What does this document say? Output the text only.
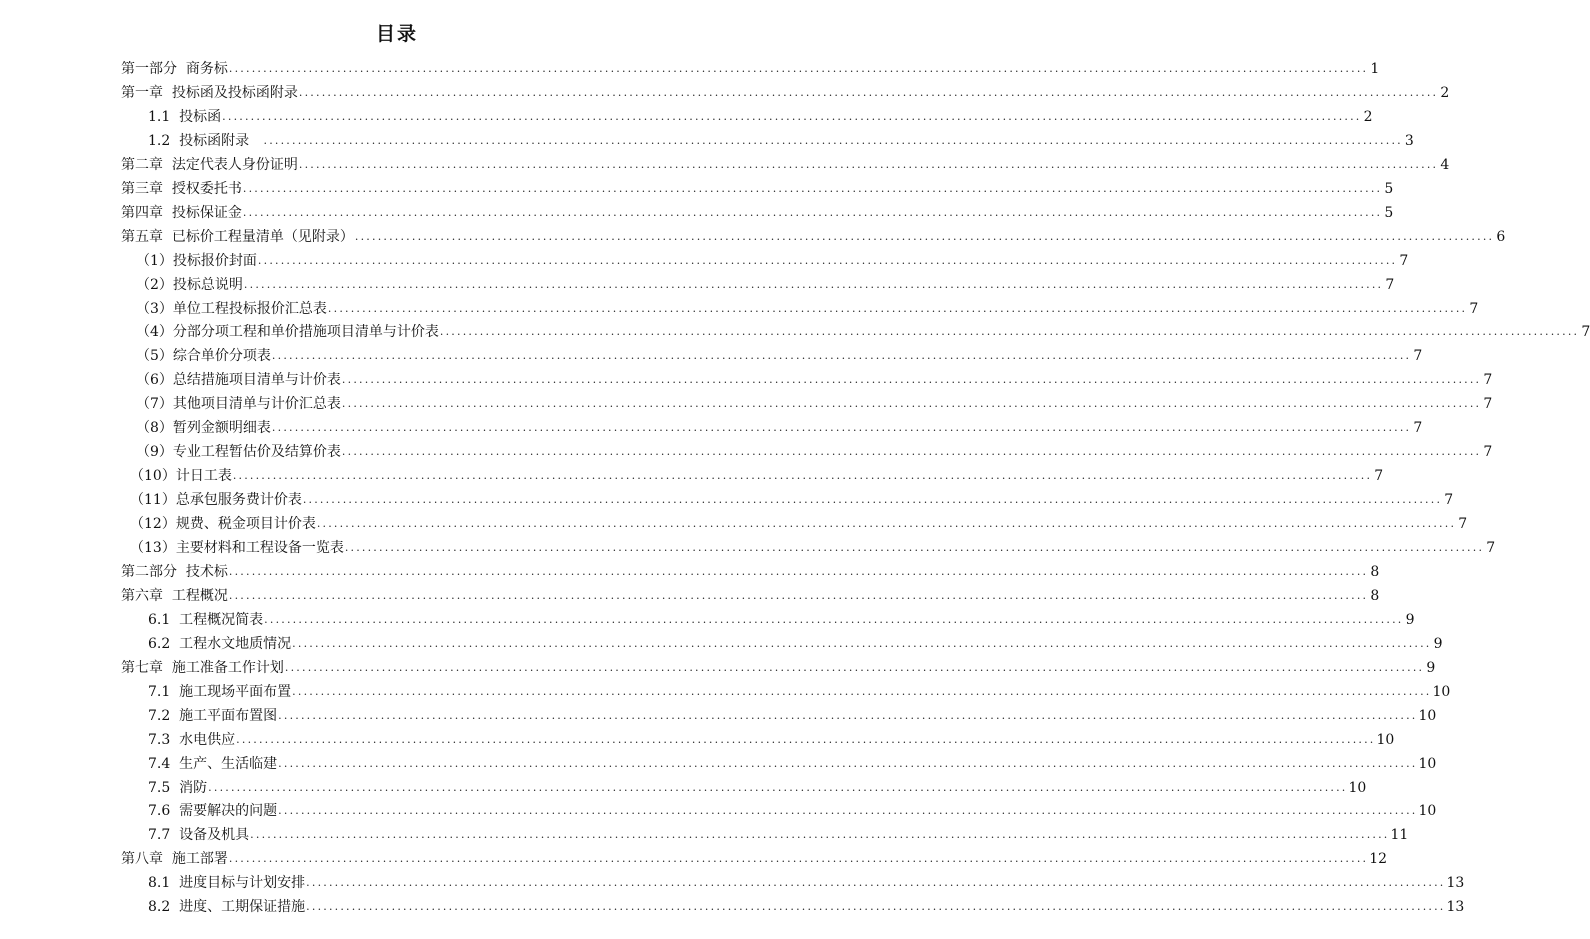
目录
第一部分  商务标 ........................................................................................................................................................................................................ 1
第一章  投标函及投标函附录 ........................................................................................................................................................................................................ 2
1.1  投标函 ........................................................................................................................................................................................................ 2
1.2  投标函附录 ........................................................................................................................................................................................................ 3
第二章  法定代表人身份证明 ........................................................................................................................................................................................................ 4
第三章  授权委托书 ........................................................................................................................................................................................................ 5
第四章  投标保证金 ........................................................................................................................................................................................................ 5
第五章  已标价工程量清单（见附录） ........................................................................................................................................................................................................ 6
（1）投标报价封面 ........................................................................................................................................................................................................ 7
（2）投标总说明 ........................................................................................................................................................................................................ 7
（3）单位工程投标报价汇总表 ........................................................................................................................................................................................................ 7
（4）分部分项工程和单价措施项目清单与计价表 ........................................................................................................................................................................................................ 7
（5）综合单价分项表 ........................................................................................................................................................................................................ 7
（6）总结措施项目清单与计价表 ........................................................................................................................................................................................................ 7
（7）其他项目清单与计价汇总表 ........................................................................................................................................................................................................ 7
（8）暂列金额明细表 ........................................................................................................................................................................................................ 7
（9）专业工程暂估价及结算价表 ........................................................................................................................................................................................................ 7
（10）计日工表 ........................................................................................................................................................................................................ 7
（11）总承包服务费计价表 ........................................................................................................................................................................................................ 7
（12）规费、税金项目计价表 ........................................................................................................................................................................................................ 7
（13）主要材料和工程设备一览表 ........................................................................................................................................................................................................ 7
第二部分  技术标 ........................................................................................................................................................................................................ 8
第六章  工程概况 ........................................................................................................................................................................................................ 8
6.1  工程概况简表 ........................................................................................................................................................................................................ 9
6.2  工程水文地质情况 ........................................................................................................................................................................................................ 9
第七章  施工准备工作计划 ........................................................................................................................................................................................................ 9
7.1  施工现场平面布置 ........................................................................................................................................................................................................ 10
7.2  施工平面布置图 ........................................................................................................................................................................................................ 10
7.3  水电供应 ........................................................................................................................................................................................................ 10
7.4  生产、生活临建 ........................................................................................................................................................................................................ 10
7.5  消防 ........................................................................................................................................................................................................ 10
7.6  需要解决的问题 ........................................................................................................................................................................................................ 10
7.7  设备及机具 ........................................................................................................................................................................................................ 11
第八章  施工部署 ........................................................................................................................................................................................................ 12
8.1  进度目标与计划安排 ........................................................................................................................................................................................................ 13
8.2  进度、工期保证措施 ........................................................................................................................................................................................................ 13
